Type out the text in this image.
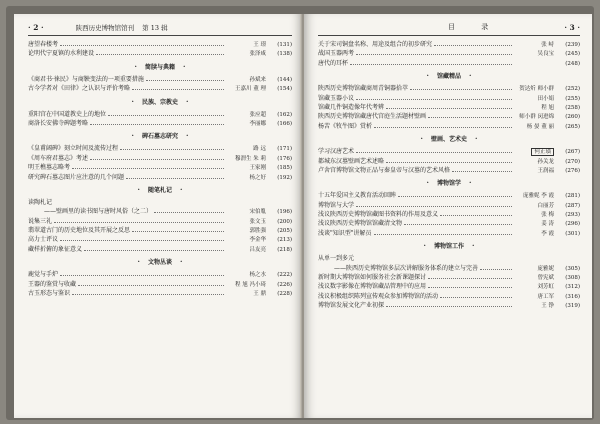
· 2 ·	陕西历史博物馆馆刊 第 13 辑
唐望春楼考	王 璟	(131)
论明代宁夏镇的水利建设	张泽咸	(138)
· 简牍与典籍 ·
《商君书·徕民》与商鞅变法的一项重要措施	孙斌来	(144)
古今学者对《田律》之认识与评价考略	王嘉川 董 理	(154)
· 民族、宗教史 ·
重阳宫在中国道教史上的地位	张应超	(162)
商洛长安佛寺碑题考略	李丽娜	(166)
· 碑石墓志研究 ·
《皇甫阔碑》刻立时间及流传过程	路 远	(171)
《周车府君墓志》考述	穆渭生 朱 莉	(176)
明王樵墓志略考	王家刚	(185)
研究碑石墓志图片应注意的几个问题	杨之好	(192)
· 随笔札记 ·
读陶札记
——壁画里的读书图与唐时风俗（之二）	宋伯胤	(196)
说集三礼	张文玉	(200)
翡翠道古门的历史地位及其开展之反思	郭胜强	(205)
高力士评议	李金华	(213)
藏样折俯的象征意义	吕友亮	(218)
· 文物丛谈 ·
鹿觉与手炉	杨之水	(222)
王器的鉴赏与收藏	程 旭 冯小琦	(226)
古玉形态与鉴识	王 鼎	(228)
目 录	· 3 ·
关于宋司铜盘名称、用途及组合的初步研究	张 峙	(239)
战国玉器两考	吴良宝	(245)
唐代的耳杯	(248)
· 馆藏精品 ·
陕西历史博物馆藏商周青铜器拾萃	贺达炘 师小群	(252)
馆藏玉器小议	田小娟	(255)
馆藏几件铜造像年代考辨	程 旭	(258)
陕西历史博物馆藏唐代宫庭生活题材壁画	师小群 闵进绵	(260)
杨苦《牧牛图》赏析	杨 晏 董 丽	(265)
· 壁画、艺术史 ·
学习汉唐艺术	何正璜	(267)
都城东汉墓壁画艺术述略	孙关龙	(270)
卢舍宫博物馆文物正品与秦皇帝与汉墓的艺术风格	王润福	(276)
· 博物馆学 ·
十五年爱国主义教育活动回眸	庞雅妮 李 霞	(281)
博物馆与大学	白丽芳	(287)
浅议陕西历史博物馆藏图书资料的作用及意义	张 梅	(293)
浅议陕西历史博物馆馆藏清文物	姜 涛	(296)
浅谈"知识型"讲解员	李 霞	(301)
· 博物馆工作 ·
从单一到多元
——陕西历史博物馆多层次讲解服务体系的建立与完善	庞雅妮	(305)
新时期大博物馆如何服务社会新课题探讨	曾宪斌	(308)
浅议数字影像在博物馆藏品管理中的应用	刘芳虹	(312)
浅议积极组织陈列宣传观众参加博物馆的活动	唐工军	(316)
博物馆发展文化产业初探	王 铮	(319)
